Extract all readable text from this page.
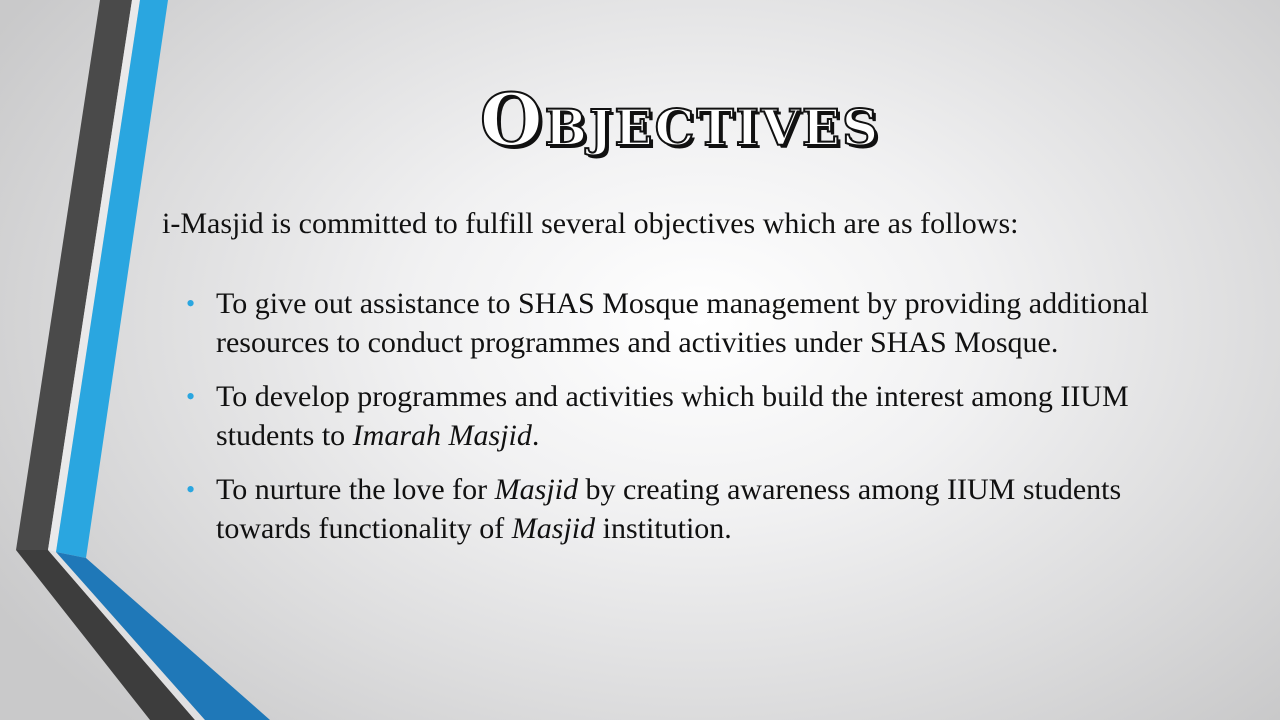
Objectives

i-Masjid is committed to fulfill several objectives which are as follows:

• To give out assistance to SHAS Mosque management by providing additional resources to conduct programmes and activities under SHAS Mosque.
• To develop programmes and activities which build the interest among IIUM students to Imarah Masjid.
• To nurture the love for Masjid by creating awareness among IIUM students towards functionality of Masjid institution.
